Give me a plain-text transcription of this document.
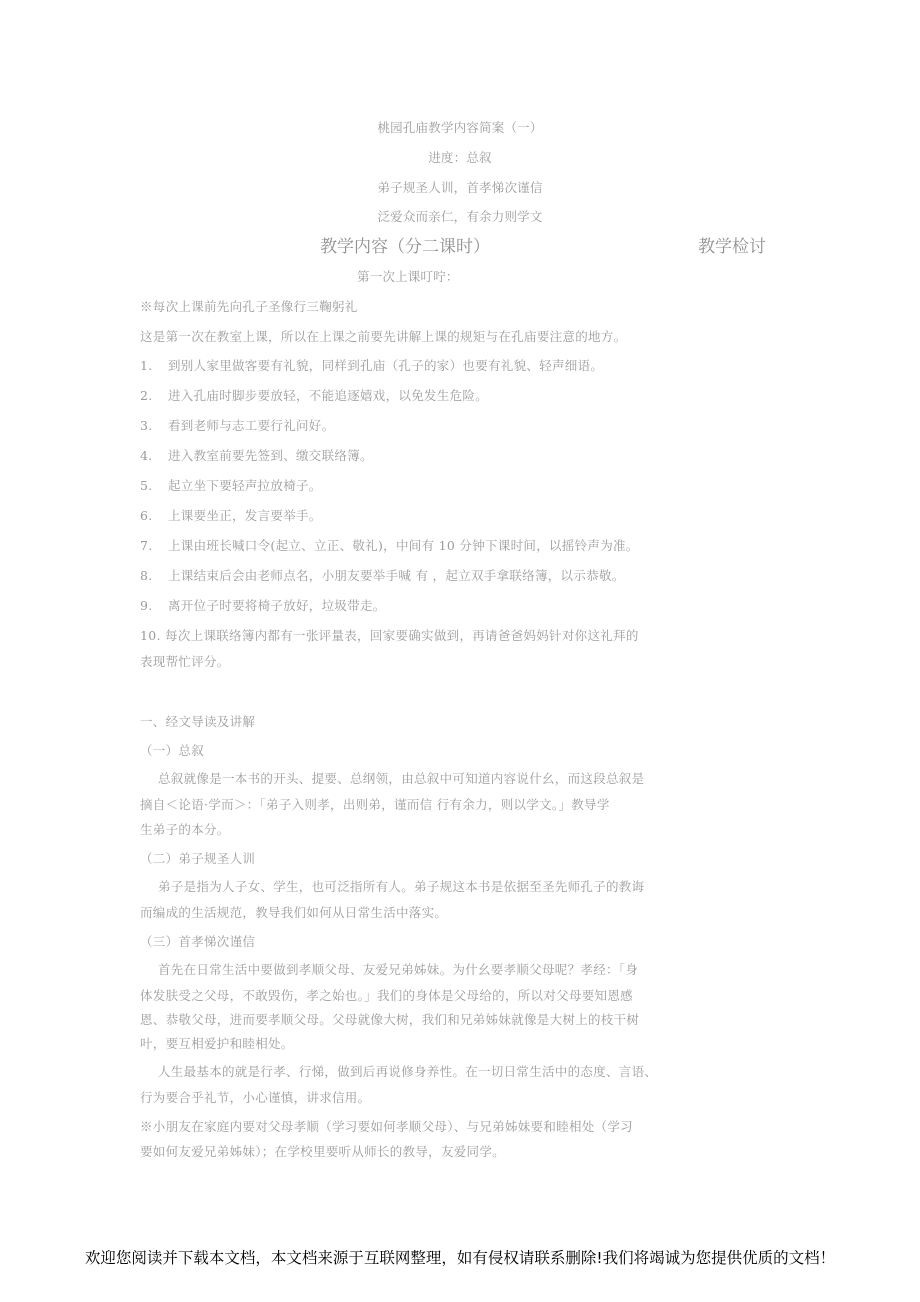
桃园孔庙教学内容简案（一）
进度：总叙
弟子规圣人训，首孝悌次谨信
泛爱众而亲仁，有余力则学文
教学内容（分二课时）	教学检讨
第一次上课叮咛：
※每次上课前先向孔子圣像行三鞠躬礼
这是第一次在教室上课，所以在上课之前要先讲解上课的规矩与在孔庙要注意的地方。
1. 到别人家里做客要有礼貌，同样到孔庙（孔子的家）也要有礼貌、轻声细语。
2. 进入孔庙时脚步要放轻，不能追逐嬉戏，以免发生危险。
3. 看到老师与志工要行礼问好。
4. 进入教室前要先签到、缴交联络簿。
5. 起立坐下要轻声拉放椅子。
6. 上课要坐正，发言要举手。
7. 上课由班长喊口令(起立、立正、敬礼)，中间有 10 分钟下课时间，以摇铃声为准。
8. 上课结束后会由老师点名，小朋友要举手喊 有 ，起立双手拿联络簿，以示恭敬。
9. 离开位子时要将椅子放好，垃圾带走。
10. 每次上课联络簿内都有一张评量表，回家要确实做到，再请爸爸妈妈针对你这礼拜的
表现帮忙评分。
一、经文导读及讲解
（一）总叙
总叙就像是一本书的开头、提要、总纲领，由总叙中可知道内容说什幺，而这段总叙是
摘自＜论语·学而＞：「弟子入则孝，出则弟，谨而信 行有余力，则以学文。」教导学
生弟子的本分。
（二）弟子规圣人训
弟子是指为人子女、学生，也可泛指所有人。弟子规这本书是依据至圣先师孔子的教诲
而编成的生活规范，教导我们如何从日常生活中落实。
（三）首孝悌次谨信
首先在日常生活中要做到孝顺父母、友爱兄弟姊妹。为什幺要孝顺父母呢？孝经：「身
体发肤受之父母，不敢毁伤，孝之始也。」我们的身体是父母给的，所以对父母要知恩感
恩、恭敬父母，进而要孝顺父母。父母就像大树，我们和兄弟姊妹就像是大树上的枝干树
叶，要互相爱护和睦相处。
人生最基本的就是行孝、行悌，做到后再说修身养性。在一切日常生活中的态度、言语、
行为要合乎礼节，小心谨慎，讲求信用。
※小朋友在家庭内要对父母孝顺（学习要如何孝顺父母）、与兄弟姊妹要和睦相处（学习
要如何友爱兄弟姊妹）；在学校里要听从师长的教导，友爱同学。
欢迎您阅读并下载本文档，本文档来源于互联网整理，如有侵权请联系删除!我们将竭诚为您提供优质的文档！
